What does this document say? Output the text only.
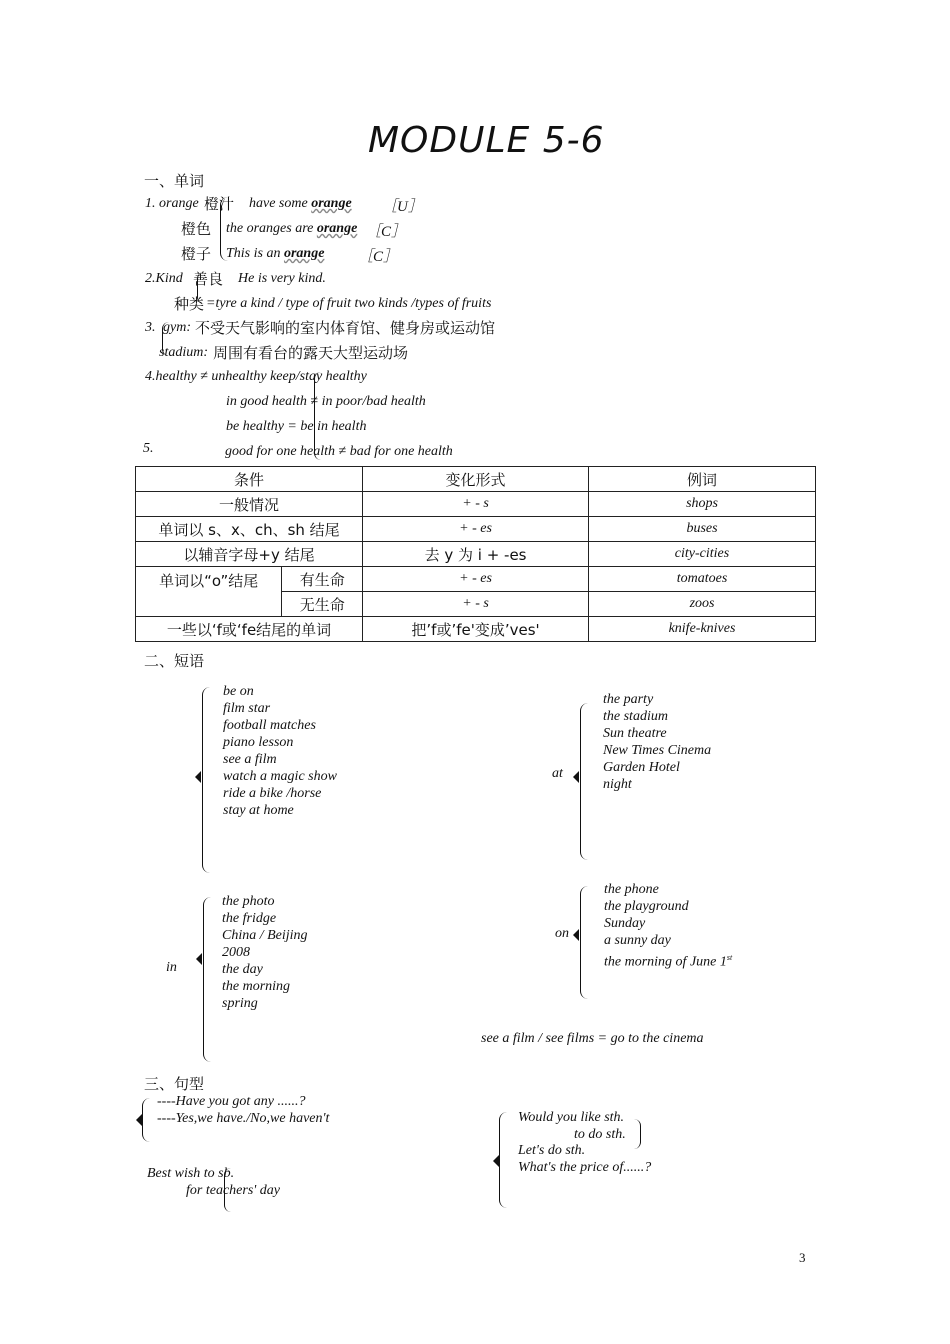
MODULE 5-6
一、单词
1. orange 橙汁 have some orange ［U］
橙色 the oranges are orange ［C］
橙子 This is an orange ［C］
2.Kind 善良 He is very kind.
种类 =tyre a kind / type of fruit two kinds /types of fruits
3. gym: 不受天气影响的室内体育馆、健身房或运动馆
stadium: 周围有看台的露天大型运动场
4.healthy ≠ unhealthy keep/stay healthy
in good health ≠ in poor/bad health
be healthy = be in health
5.	good for one health ≠ bad for one health
条件		变化形式	例词
一般情况		+ - s	shops
单词以 s、x、ch、sh 结尾		+ - es	buses
以辅音字母+y 结尾		去 y 为 i + -es	city-cities
单词以“o”结尾	有生命	+ - es	tomatoes
	无生命	+ - s	zoos
一些以‘f或‘fe结尾的单词		把’f或’fe'变成’ves'	knife-knives
二、短语
be on
film star
football matches
piano lesson
see a film
watch a magic show
ride a bike /horse
stay at home
at
the party
the stadium
Sun theatre
New Times Cinema
Garden Hotel
night
in
the photo
the fridge
China / Beijing
2008
the day
the morning
spring
on
the phone
the playground
Sunday
a sunny day
the morning of June 1st
see a film / see films = go to the cinema
三、句型
----Have you got any ......?
----Yes,we have./No,we haven't
Best wish to sb.
for teachers' day
Would you like sth.
to do sth.
Let's do sth.
What's the price of......?
3
